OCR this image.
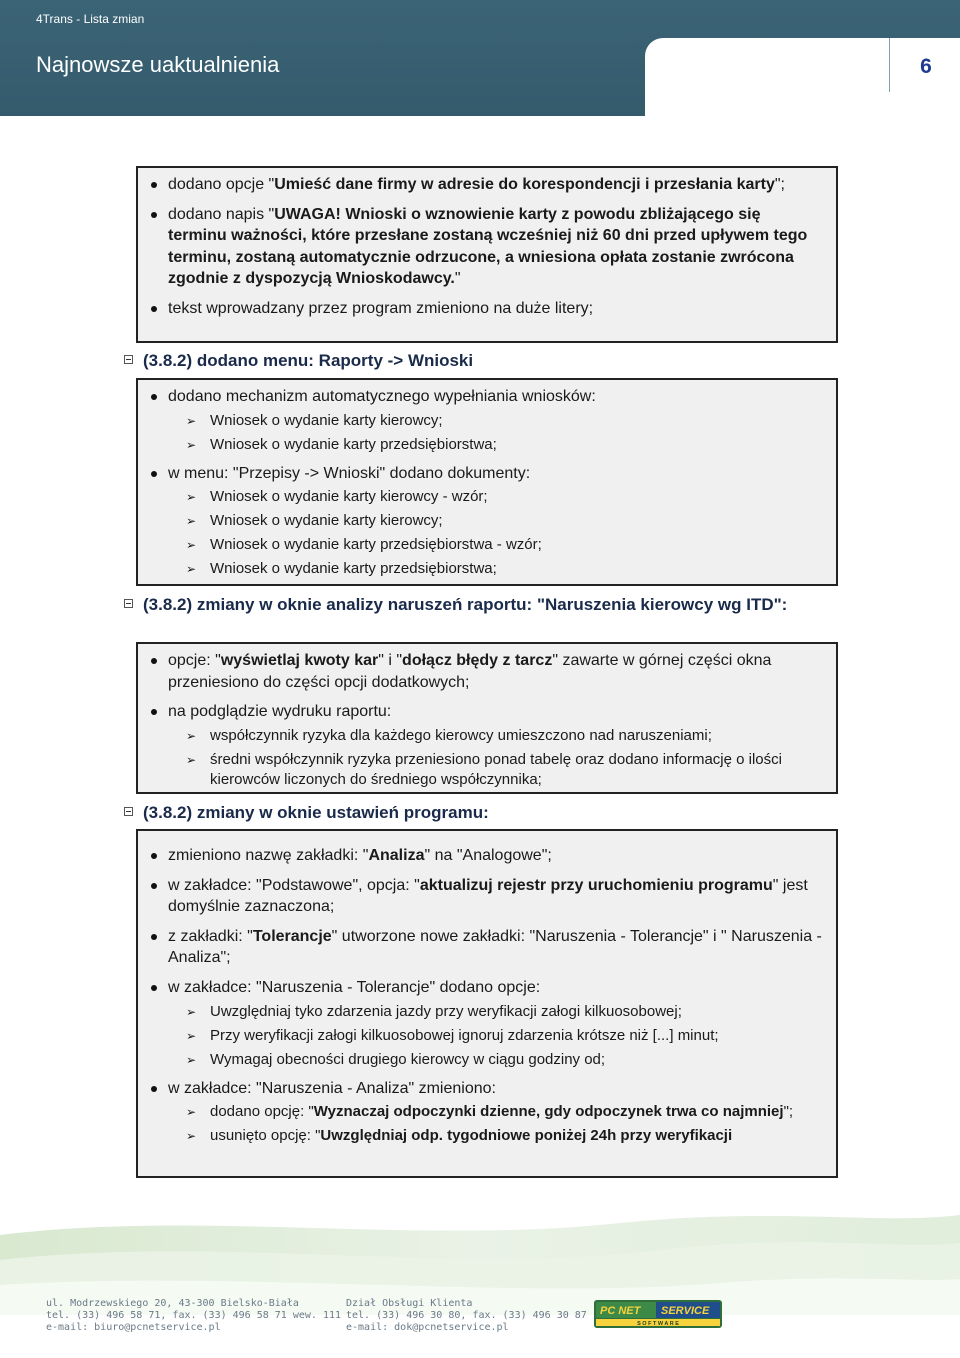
4Trans - Lista zmian
Najnowsze uaktualnienia	6
dodano opcje "Umieść dane firmy w adresie do korespondencji i przesłania karty";
dodano napis "UWAGA! Wnioski o wznowienie karty z powodu zbliżającego się terminu ważności, które przesłane zostaną wcześniej niż 60 dni przed upływem tego terminu, zostaną automatycznie odrzucone, a wniesiona opłata zostanie zwrócona zgodnie z dyspozycją Wnioskodawcy."
tekst wprowadzany przez program zmieniono na duże litery;
(3.8.2) dodano menu: Raporty -> Wnioski
dodano mechanizm automatycznego wypełniania wniosków:
➢ Wniosek o wydanie karty kierowcy;
➢ Wniosek o wydanie karty przedsiębiorstwa;
w menu: "Przepisy -> Wnioski" dodano dokumenty:
➢ Wniosek o wydanie karty kierowcy - wzór;
➢ Wniosek o wydanie karty kierowcy;
➢ Wniosek o wydanie karty przedsiębiorstwa - wzór;
➢ Wniosek o wydanie karty przedsiębiorstwa;
(3.8.2) zmiany w oknie analizy naruszeń raportu: "Naruszenia kierowcy wg ITD":
opcje: "wyświetlaj kwoty kar" i "dołącz błędy z tarcz" zawarte w górnej części okna przeniesiono do części opcji dodatkowych;
na podglądzie wydruku raportu:
➢ współczynnik ryzyka dla każdego kierowcy umieszczono nad naruszeniami;
➢ średni współczynnik ryzyka przeniesiono ponad tabelę oraz dodano informację o ilości kierowców liczonych do średniego współczynnika;
(3.8.2) zmiany w oknie ustawień programu:
zmieniono nazwę zakładki: "Analiza" na "Analogowe";
w zakładce: "Podstawowe", opcja: "aktualizuj rejestr przy uruchomieniu programu" jest domyślnie zaznaczona;
z zakładki: "Tolerancje" utworzone nowe zakładki: "Naruszenia - Tolerancje" i " Naruszenia - Analiza";
w zakładce: "Naruszenia - Tolerancje" dodano opcje:
➢ Uwzględniaj tyko zdarzenia jazdy przy weryfikacji załogi kilkuosobowej;
➢ Przy weryfikacji załogi kilkuosobowej ignoruj zdarzenia krótsze niż [...] minut;
➢ Wymagaj obecności drugiego kierowcy w ciągu godziny od;
w zakładce: "Naruszenia - Analiza" zmieniono:
➢ dodano opcję: "Wyznaczaj odpoczynki dzienne, gdy odpoczynek trwa co najmniej";
➢ usunięto opcję: "Uwzględniaj odp. tygodniowe poniżej 24h przy weryfikacji
ul. Modrzewskiego 20, 43-300 Bielsko-Biała
tel. (33) 496 58 71, fax. (33) 496 58 71 wew. 111
e-mail: biuro@pcnetservice.pl
Dział Obsługi Klienta
tel. (33) 496 30 80, fax. (33) 496 30 87
e-mail: dok@pcnetservice.pl
PC NET SERVICE
S O F T W A R E
